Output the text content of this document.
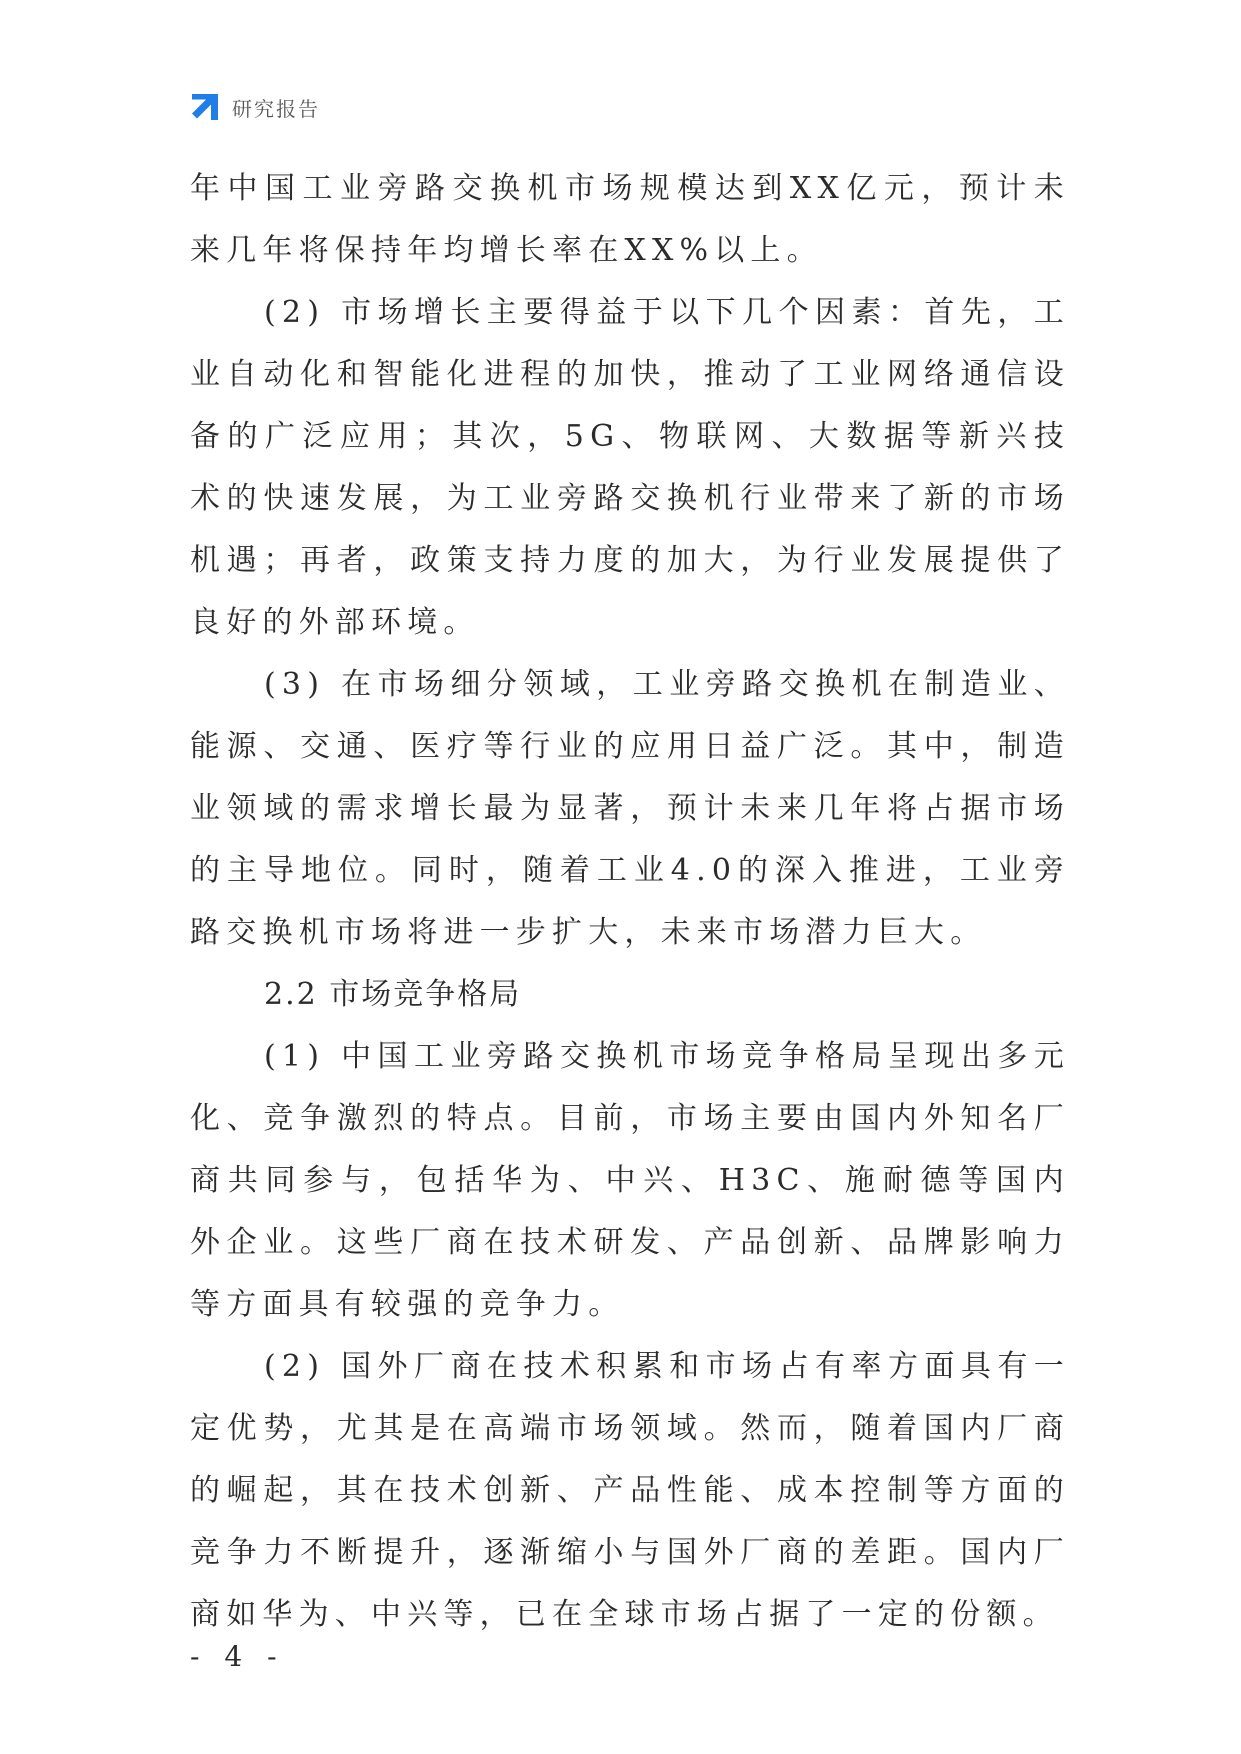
研究报告

年中国工业旁路交换机市场规模达到XX亿元，预计未来几年将保持年均增长率在XX%以上。

(2) 市场增长主要得益于以下几个因素：首先，工业自动化和智能化进程的加快，推动了工业网络通信设备的广泛应用；其次，5G、物联网、大数据等新兴技术的快速发展，为工业旁路交换机行业带来了新的市场机遇；再者，政策支持力度的加大，为行业发展提供了良好的外部环境。

(3) 在市场细分领域，工业旁路交换机在制造业、能源、交通、医疗等行业的应用日益广泛。其中，制造业领域的需求增长最为显著，预计未来几年将占据市场的主导地位。同时，随着工业4.0的深入推进，工业旁路交换机市场将进一步扩大，未来市场潜力巨大。

2.2 市场竞争格局

(1) 中国工业旁路交换机市场竞争格局呈现出多元化、竞争激烈的特点。目前，市场主要由国内外知名厂商共同参与，包括华为、中兴、H3C、施耐德等国内外企业。这些厂商在技术研发、产品创新、品牌影响力等方面具有较强的竞争力。

(2) 国外厂商在技术积累和市场占有率方面具有一定优势，尤其是在高端市场领域。然而，随着国内厂商的崛起，其在技术创新、产品性能、成本控制等方面的竞争力不断提升，逐渐缩小与国外厂商的差距。国内厂商如华为、中兴等，已在全球市场占据了一定的份额。

- 4 -
